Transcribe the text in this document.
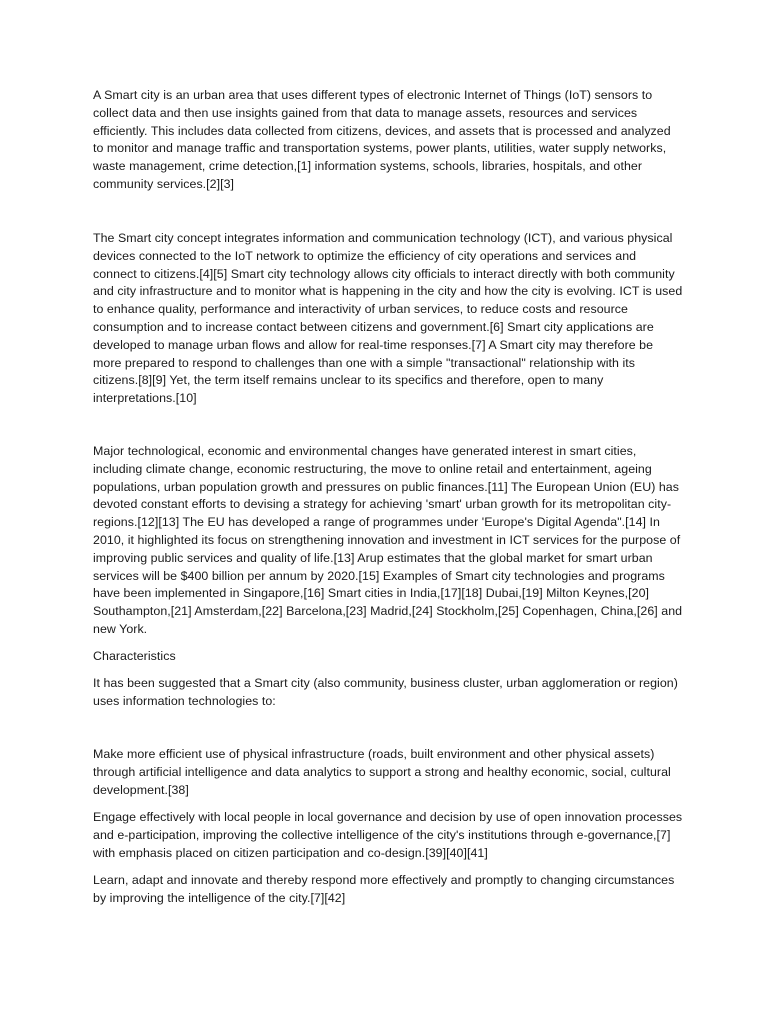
A Smart city is an urban area that uses different types of electronic Internet of Things (IoT) sensors to collect data and then use insights gained from that data to manage assets, resources and services efficiently. This includes data collected from citizens, devices, and assets that is processed and analyzed to monitor and manage traffic and transportation systems, power plants, utilities, water supply networks, waste management, crime detection,[1] information systems, schools, libraries, hospitals, and other community services.[2][3]

The Smart city concept integrates information and communication technology (ICT), and various physical devices connected to the IoT network to optimize the efficiency of city operations and services and connect to citizens.[4][5] Smart city technology allows city officials to interact directly with both community and city infrastructure and to monitor what is happening in the city and how the city is evolving. ICT is used to enhance quality, performance and interactivity of urban services, to reduce costs and resource consumption and to increase contact between citizens and government.[6] Smart city applications are developed to manage urban flows and allow for real-time responses.[7] A Smart city may therefore be more prepared to respond to challenges than one with a simple "transactional" relationship with its citizens.[8][9] Yet, the term itself remains unclear to its specifics and therefore, open to many interpretations.[10]

Major technological, economic and environmental changes have generated interest in smart cities, including climate change, economic restructuring, the move to online retail and entertainment, ageing populations, urban population growth and pressures on public finances.[11] The European Union (EU) has devoted constant efforts to devising a strategy for achieving 'smart' urban growth for its metropolitan city-regions.[12][13] The EU has developed a range of programmes under 'Europe's Digital Agenda".[14] In 2010, it highlighted its focus on strengthening innovation and investment in ICT services for the purpose of improving public services and quality of life.[13] Arup estimates that the global market for smart urban services will be $400 billion per annum by 2020.[15] Examples of Smart city technologies and programs have been implemented in Singapore,[16] Smart cities in India,[17][18] Dubai,[19] Milton Keynes,[20] Southampton,[21] Amsterdam,[22] Barcelona,[23] Madrid,[24] Stockholm,[25] Copenhagen, China,[26] and new York.

Characteristics

It has been suggested that a Smart city (also community, business cluster, urban agglomeration or region) uses information technologies to:

Make more efficient use of physical infrastructure (roads, built environment and other physical assets) through artificial intelligence and data analytics to support a strong and healthy economic, social, cultural development.[38]

Engage effectively with local people in local governance and decision by use of open innovation processes and e-participation, improving the collective intelligence of the city's institutions through e-governance,[7] with emphasis placed on citizen participation and co-design.[39][40][41]

Learn, adapt and innovate and thereby respond more effectively and promptly to changing circumstances by improving the intelligence of the city.[7][42]
